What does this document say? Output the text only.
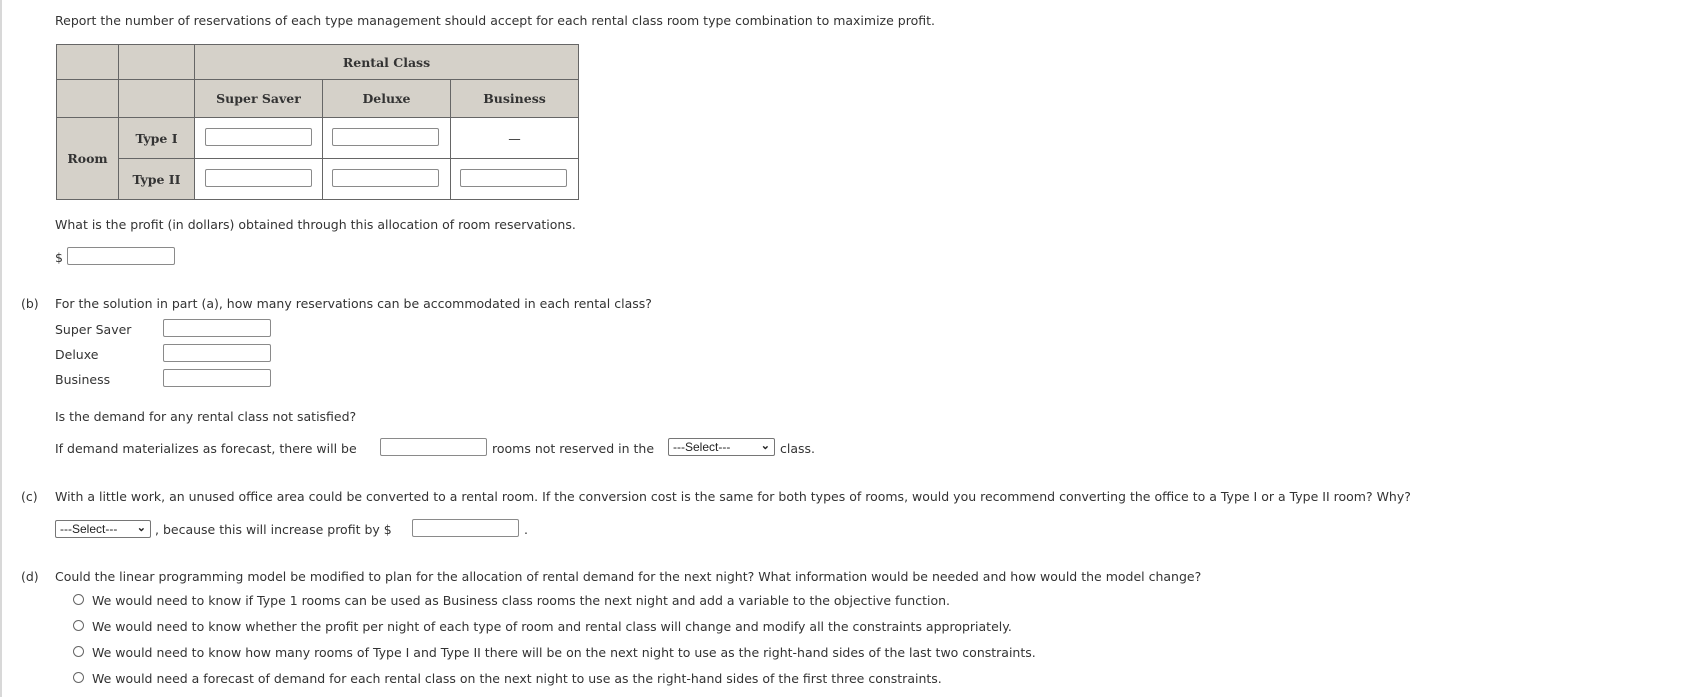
Report the number of reservations of each type management should accept for each rental class room type combination to maximize profit.
		Rental Class		
		Super Saver	Deluxe	Business
Room	Type I			—
	Type II			
What is the profit (in dollars) obtained through this allocation of room reservations.
$
(b) For the solution in part (a), how many reservations can be accommodated in each rental class?
Super Saver
Deluxe
Business
Is the demand for any rental class not satisfied?
If demand materializes as forecast, there will be	rooms not reserved in the	---Select---	⌄ class.
(c) With a little work, an unused office area could be converted to a rental room. If the conversion cost is the same for both types of rooms, would you recommend converting the office to a Type I or a Type II room? Why?
---Select--- ⌄ , because this will increase profit by $	.
(d) Could the linear programming model be modified to plan for the allocation of rental demand for the next night? What information would be needed and how would the model change?
We would need to know if Type 1 rooms can be used as Business class rooms the next night and add a variable to the objective function.
We would need to know whether the profit per night of each type of room and rental class will change and modify all the constraints appropriately.
We would need to know how many rooms of Type I and Type II there will be on the next night to use as the right-hand sides of the last two constraints.
We would need a forecast of demand for each rental class on the next night to use as the right-hand sides of the first three constraints.
